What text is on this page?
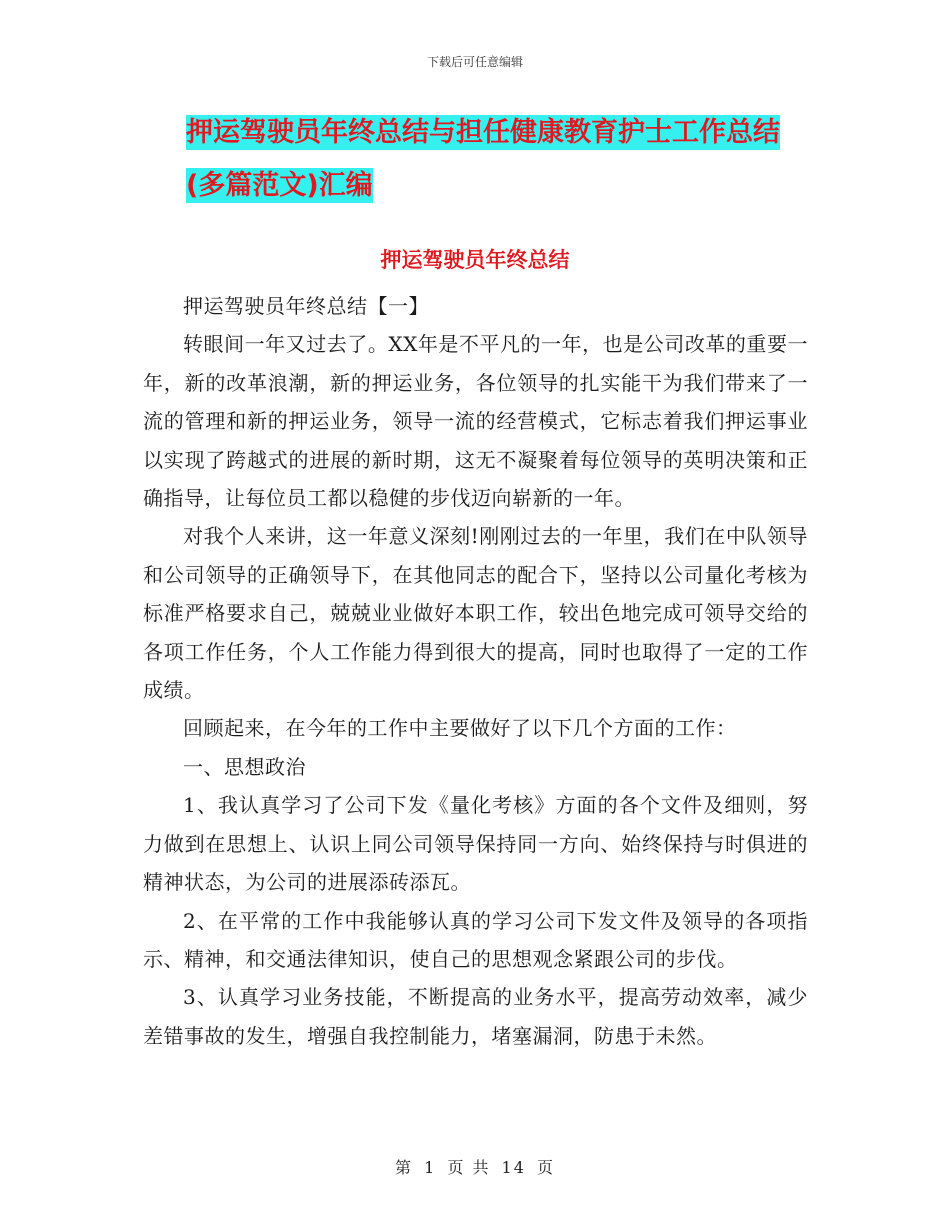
下载后可任意编辑
押运驾驶员年终总结与担任健康教育护士工作总结(多篇范文)汇编
押运驾驶员年终总结

押运驾驶员年终总结【一】

转眼间一年又过去了。XX年是不平凡的一年，也是公司改革的重要一年，新的改革浪潮，新的押运业务，各位领导的扎实能干为我们带来了一流的管理和新的押运业务，领导一流的经营模式，它标志着我们押运事业以实现了跨越式的进展的新时期，这无不凝聚着每位领导的英明决策和正确指导，让每位员工都以稳健的步伐迈向崭新的一年。

对我个人来讲，这一年意义深刻!刚刚过去的一年里，我们在中队领导和公司领导的正确领导下，在其他同志的配合下，坚持以公司量化考核为标准严格要求自己，兢兢业业做好本职工作，较出色地完成可领导交给的各项工作任务，个人工作能力得到很大的提高，同时也取得了一定的工作成绩。

回顾起来，在今年的工作中主要做好了以下几个方面的工作：

一、思想政治

1、我认真学习了公司下发《量化考核》方面的各个文件及细则，努力做到在思想上、认识上同公司领导保持同一方向、始终保持与时俱进的精神状态，为公司的进展添砖添瓦。

2、在平常的工作中我能够认真的学习公司下发文件及领导的各项指示、精神，和交通法律知识，使自己的思想观念紧跟公司的步伐。

3、认真学习业务技能，不断提高的业务水平，提高劳动效率，减少差错事故的发生，增强自我控制能力，堵塞漏洞，防患于未然。

第 1 页 共 14 页
